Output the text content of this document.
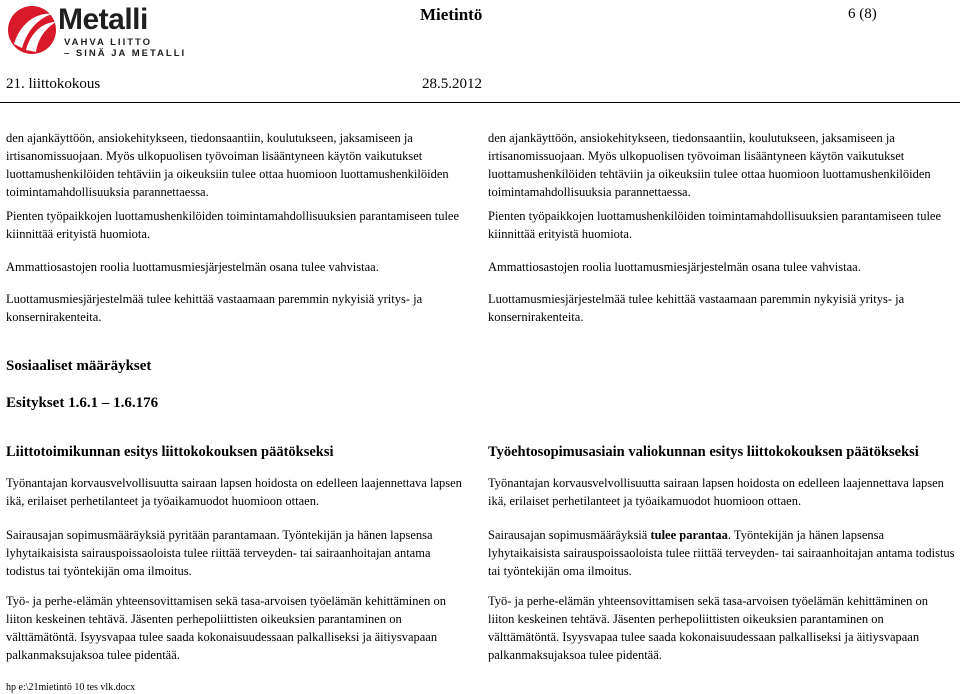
Metalli
VAHVA LIITTO
– SINÄ JA METALLI
Mietintö	6 (8)
21. liittokokous	28.5.2012

den ajankäyttöön, ansiokehitykseen, tiedonsaantiin, koulutukseen, jaksamiseen ja irtisanomissuojaan. Myös ulkopuolisen työvoiman lisääntyneen käytön vaikutukset luottamushenkilöiden tehtäviin ja oikeuksiin tulee ottaa huomioon luottamushenkilöiden toimintamahdollisuuksia parannettaessa.

Pienten työpaikkojen luottamushenkilöiden toimintamahdollisuuksien parantamiseen tulee kiinnittää erityistä huomiota.

Ammattiosastojen roolia luottamusmiesjärjestelmän osana tulee vahvistaa.

Luottamusmiesjärjestelmää tulee kehittää vastaamaan paremmin nykyisiä yritys- ja konsernirakenteita.

den ajankäyttöön, ansiokehitykseen, tiedonsaantiin, koulutukseen, jaksamiseen ja irtisanomissuojaan. Myös ulkopuolisen työvoiman lisääntyneen käytön vaikutukset luottamushenkilöiden tehtäviin ja oikeuksiin tulee ottaa huomioon luottamushenkilöiden toimintamahdollisuuksia parannettaessa.

Pienten työpaikkojen luottamushenkilöiden toimintamahdollisuuksien parantamiseen tulee kiinnittää erityistä huomiota.

Ammattiosastojen roolia luottamusmiesjärjestelmän osana tulee vahvistaa.

Luottamusmiesjärjestelmää tulee kehittää vastaamaan paremmin nykyisiä yritys- ja konsernirakenteita.

Sosiaaliset määräykset
Esitykset 1.6.1 – 1.6.176
Liittotoimikunnan esitys liittokokouksen päätökseksi	Työehtosopimusasiain valiokunnan esitys liittokokouksen päätökseksi

Työnantajan korvausvelvollisuutta sairaan lapsen hoidosta on edelleen laajennettava lapsen ikä, erilaiset perhetilanteet ja työaikamuodot huomioon ottaen.

Sairausajan sopimusmääräyksiä pyritään parantamaan. Työntekijän ja hänen lapsensa lyhytaikaisista sairauspoissaoloista tulee riittää terveyden- tai sairaanhoitajan antama todistus tai työntekijän oma ilmoitus.

Työ- ja perhe-elämän yhteensovittamisen sekä tasa-arvoisen työelämän kehittäminen on liiton keskeinen tehtävä. Jäsenten perhepoliittisten oikeuksien parantaminen on välttämätöntä. Isyysvapaa tulee saada kokonaisuudessaan palkalliseksi ja äitiysvapaan palkanmaksujaksoa tulee pidentää.

Työnantajan korvausvelvollisuutta sairaan lapsen hoidosta on edelleen laajennettava lapsen ikä, erilaiset perhetilanteet ja työaikamuodot huomioon ottaen.

Sairausajan sopimusmääräyksiä tulee parantaa. Työntekijän ja hänen lapsensa lyhytaikaisista sairauspoissaoloista tulee riittää terveyden- tai sairaanhoitajan antama todistus tai työntekijän oma ilmoitus.

Työ- ja perhe-elämän yhteensovittamisen sekä tasa-arvoisen työelämän kehittäminen on liiton keskeinen tehtävä. Jäsenten perhepoliittisten oikeuksien parantaminen on välttämätöntä. Isyysvapaa tulee saada kokonaisuudessaan palkalliseksi ja äitiysvapaan palkanmaksujaksoa tulee pidentää.

hp e:\21mietintö 10 tes vlk.docx
